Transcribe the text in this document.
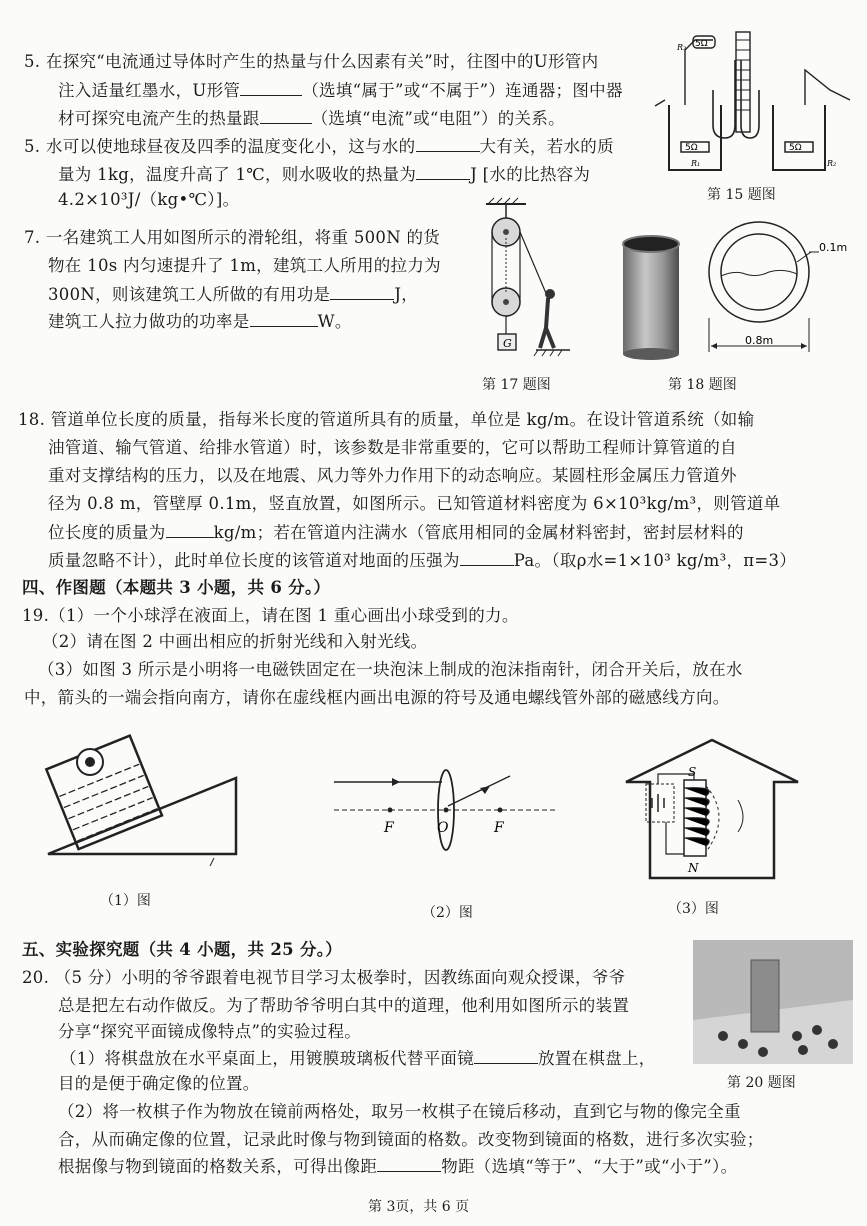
5. 在探究“电流通过导体时产生的热量与什么因素有关”时，往图中的U形管内
注入适量红墨水，U形管	（选填“属于”或“不属于”）连通器；图中器
材可探究电流产生的热量跟	（选填“电流”或“电阻”）的关系。
5Ω
R₃
5Ω	5Ω
R₁	R₂
第 15 题图
5. 水可以使地球昼夜及四季的温度变化小，这与水的	大有关，若水的质
量为 1kg，温度升高了 1℃，则水吸收的热量为	J [水的比热容为
4.2×10³J/（kg•℃）]。
7. 一名建筑工人用如图所示的滑轮组，将重 500N 的货
物在 10s 内匀速提升了 1m，建筑工人所用的拉力为
300N，则该建筑工人所做的有用功是	J，
建筑工人拉力做功的功率是	W。
G
第 17 题图
0.8m
0.1m
第 18 题图
18. 管道单位长度的质量，指每米长度的管道所具有的质量，单位是 kg/m。在设计管道系统（如输
油管道、输气管道、给排水管道）时，该参数是非常重要的，它可以帮助工程师计算管道的自
重对支撑结构的压力，以及在地震、风力等外力作用下的动态响应。某圆柱形金属压力管道外
径为 0.8 m，管壁厚 0.1m，竖直放置，如图所示。已知管道材料密度为 6×10³kg/m³，则管道单
位长度的质量为	kg/m；若在管道内注满水（管底用相同的金属材料密封，密封层材料的
质量忽略不计），此时单位长度的该管道对地面的压强为	Pa。（取ρ水=1×10³ kg/m³，π=3）
四、作图题（本题共 3 小题，共 6 分。）
19.（1）一个小球浮在液面上，请在图 1 重心画出小球受到的力。
（2）请在图 2 中画出相应的折射光线和入射光线。
（3）如图 3 所示是小明将一电磁铁固定在一块泡沫上制成的泡沫指南针，闭合开关后，放在水
中，箭头的一端会指向南方，请你在虚线框内画出电源的符号及通电螺线管外部的磁感线方向。
（1）图
F	O	F
（2）图
S
N
（3）图
五、实验探究题（共 4 小题，共 25 分。）
20. （5 分）小明的爷爷跟着电视节目学习太极拳时，因教练面向观众授课，爷爷
总是把左右动作做反。为了帮助爷爷明白其中的道理，他利用如图所示的装置
分享“探究平面镜成像特点”的实验过程。
（1）将棋盘放在水平桌面上，用镀膜玻璃板代替平面镜	放置在棋盘上，
目的是便于确定像的位置。
（2）将一枚棋子作为物放在镜前两格处，取另一枚棋子在镜后移动，直到它与物的像完全重
合，从而确定像的位置，记录此时像与物到镜面的格数。改变物到镜面的格数，进行多次实验；
根据像与物到镜面的格数关系，可得出像距	物距（选填“等于”、“大于”或“小于”）。
第 20 题图
第 3页，共 6 页
